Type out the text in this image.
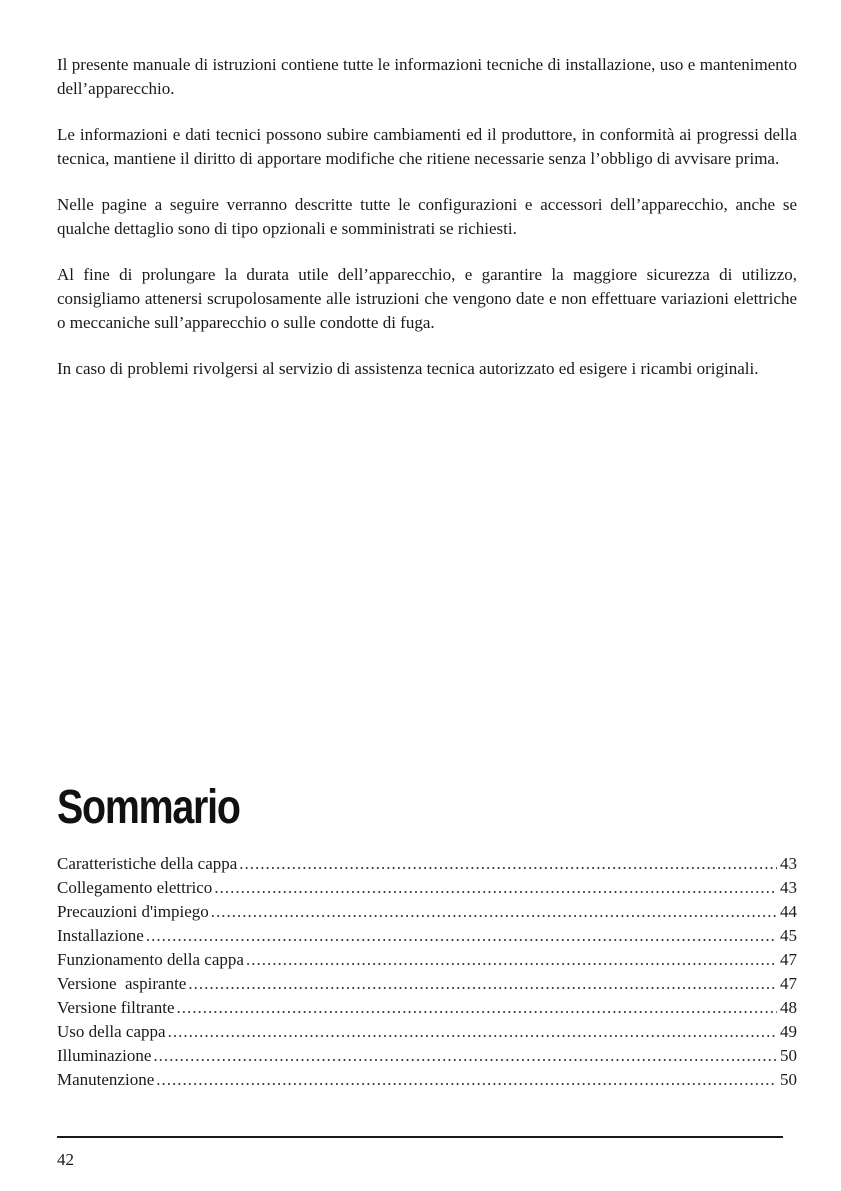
Il presente manuale di istruzioni contiene tutte le informazioni tecniche di installazione, uso e mantenimento dell’apparecchio.

Le informazioni e dati tecnici possono subire cambiamenti ed il produttore, in conformità ai progressi della tecnica, mantiene il diritto di apportare modifiche che ritiene necessarie senza l’obbligo di avvisare prima.

Nelle pagine a seguire verranno descritte tutte le configurazioni e accessori dell’apparecchio, anche se qualche dettaglio sono di tipo opzionali e somministrati se richiesti.

Al fine di prolungare la durata utile dell’apparecchio, e garantire la maggiore sicurezza di utilizzo, consigliamo attenersi scrupolosamente alle istruzioni che vengono date e non effettuare variazioni elettriche o meccaniche sull’apparecchio o sulle condotte di fuga.

In caso di problemi rivolgersi al servizio di assistenza tecnica autorizzato ed esigere i ricambi originali.

Sommario
Caratteristiche della cappa .....	43
Collegamento elettrico .....	43
Precauzioni d'impiego .....	44
Installazione .....	45
Funzionamento della cappa .....	47
Versione  aspirante .....	47
Versione filtrante .....	48
Uso della cappa .....	49
Illuminazione .....	50
Manutenzione .....	50
42
